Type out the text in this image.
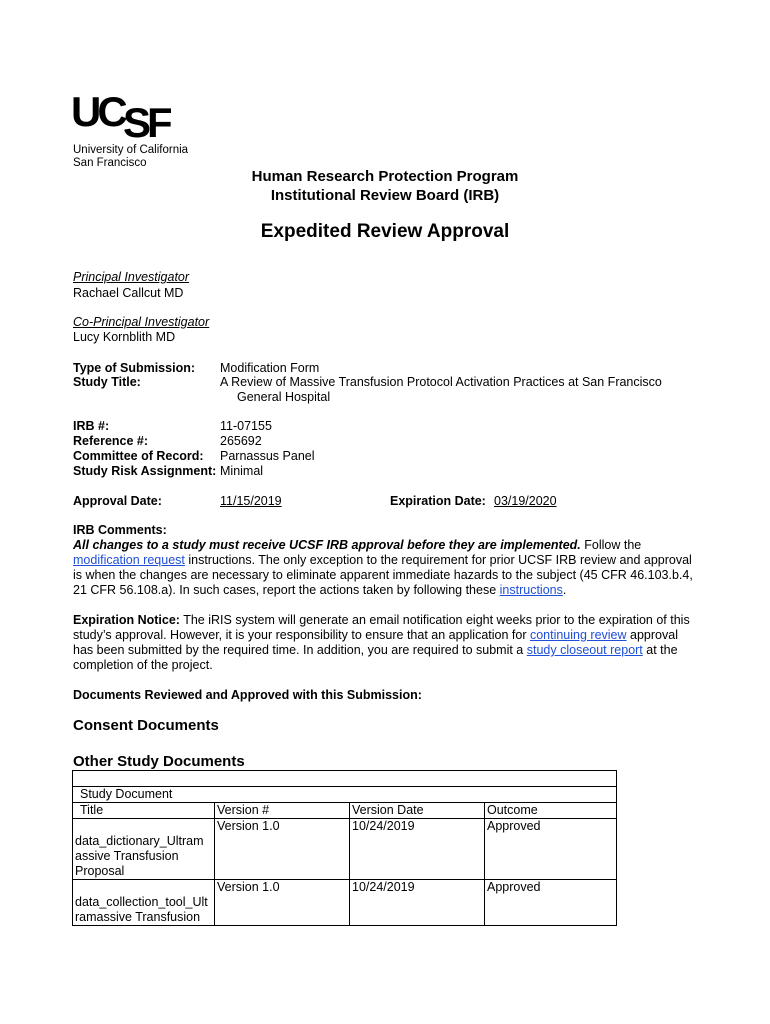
UC SF
University of California
San Francisco
Human Research Protection Program
Institutional Review Board (IRB)
Expedited Review Approval
Principal Investigator
Rachael Callcut MD
Co-Principal Investigator
Lucy Kornblith MD
Type of Submission: Modification Form
Study Title:	A Review of Massive Transfusion Protocol Activation Practices at San Francisco
General Hospital
IRB #:	11-07155
Reference #:	265692
Committee of Record: Parnassus Panel
Study Risk Assignment: Minimal
Approval Date:	11/15/2019	Expiration Date: 03/19/2020
IRB Comments:
All changes to a study must receive UCSF IRB approval before they are implemented. Follow the
modification request instructions. The only exception to the requirement for prior UCSF IRB review and approval
is when the changes are necessary to eliminate apparent immediate hazards to the subject (45 CFR 46.103.b.4,
21 CFR 56.108.a). In such cases, report the actions taken by following these instructions.
Expiration Notice: The iRIS system will generate an email notification eight weeks prior to the expiration of this
study’s approval. However, it is your responsibility to ensure that an application for continuing review approval
has been submitted by the required time. In addition, you are required to submit a study closeout report at the
completion of the project.
Documents Reviewed and Approved with this Submission:
Consent Documents
Other Study Documents

Study Document			
Title	Version #	Version Date	Outcome

data_dictionary_Ultram
assive Transfusion
Proposal	Version 1.0	10/24/2019	Approved

data_collection_tool_Ult
ramassive Transfusion	Version 1.0	10/24/2019	Approved
